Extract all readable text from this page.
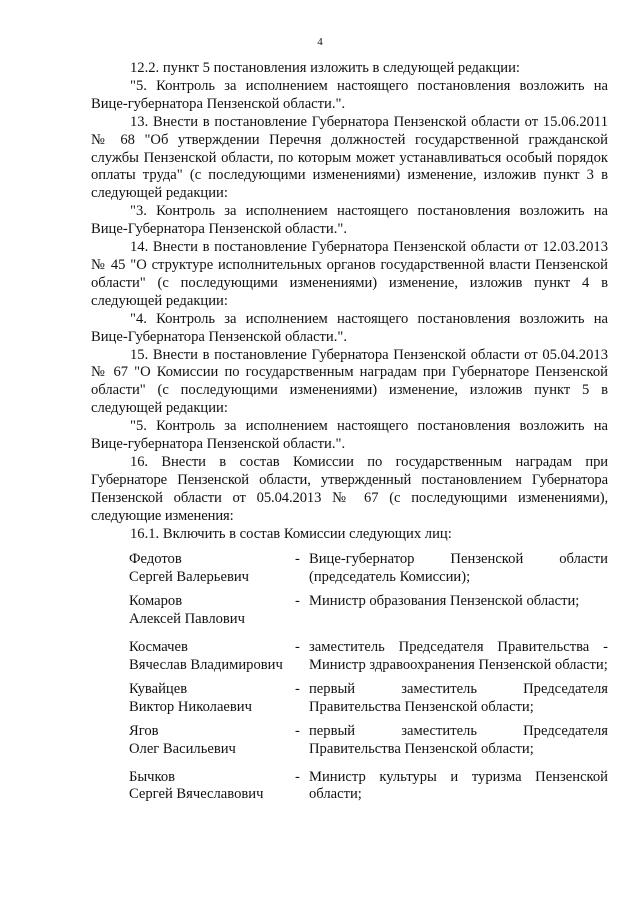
4

12.2. пункт 5 постановления изложить в следующей редакции:

"5. Контроль за исполнением настоящего постановления возложить на Вице-губернатора Пензенской области.".

13. Внести в постановление Губернатора Пензенской области от 15.06.2011 № 68 "Об утверждении Перечня должностей государственной гражданской службы Пензенской области, по которым может устанавливаться особый порядок оплаты труда" (с последующими изменениями) изменение, изложив пункт 3 в следующей редакции:

"3. Контроль за исполнением настоящего постановления возложить на Вице-Губернатора Пензенской области.".

14. Внести в постановление Губернатора Пензенской области от 12.03.2013 № 45 "О структуре исполнительных органов государственной власти Пензенской области" (с последующими изменениями) изменение, изложив пункт 4 в следующей редакции:

"4. Контроль за исполнением настоящего постановления возложить на Вице-Губернатора Пензенской области.".

15. Внести в постановление Губернатора Пензенской области от 05.04.2013 № 67 "О Комиссии по государственным наградам при Губернаторе Пензенской области" (с последующими изменениями) изменение, изложив пункт 5 в следующей редакции:

"5. Контроль за исполнением настоящего постановления возложить на Вице-губернатора Пензенской области.".

16. Внести в состав Комиссии по государственным наградам при Губернаторе Пензенской области, утвержденный постановлением Губернатора Пензенской области от 05.04.2013 № 67 (с последующими изменениями), следующие изменения:

16.1. Включить в состав Комиссии следующих лиц:

Федотов
Сергей Валерьевич
- Вице-губернатор Пензенской области (председатель Комиссии);
Комаров
Алексей Павлович
- Министр образования Пензенской области;
Космачев
Вячеслав Владимирович
- заместитель Председателя Правительства - Министр здравоохранения Пензенской области;
Кувайцев
Виктор Николаевич
- первый заместитель Председателя Правительства Пензенской области;
Ягов
Олег Васильевич
- первый заместитель Председателя Правительства Пензенской области;
Бычков
Сергей Вячеславович
- Министр культуры и туризма Пензенской области;
